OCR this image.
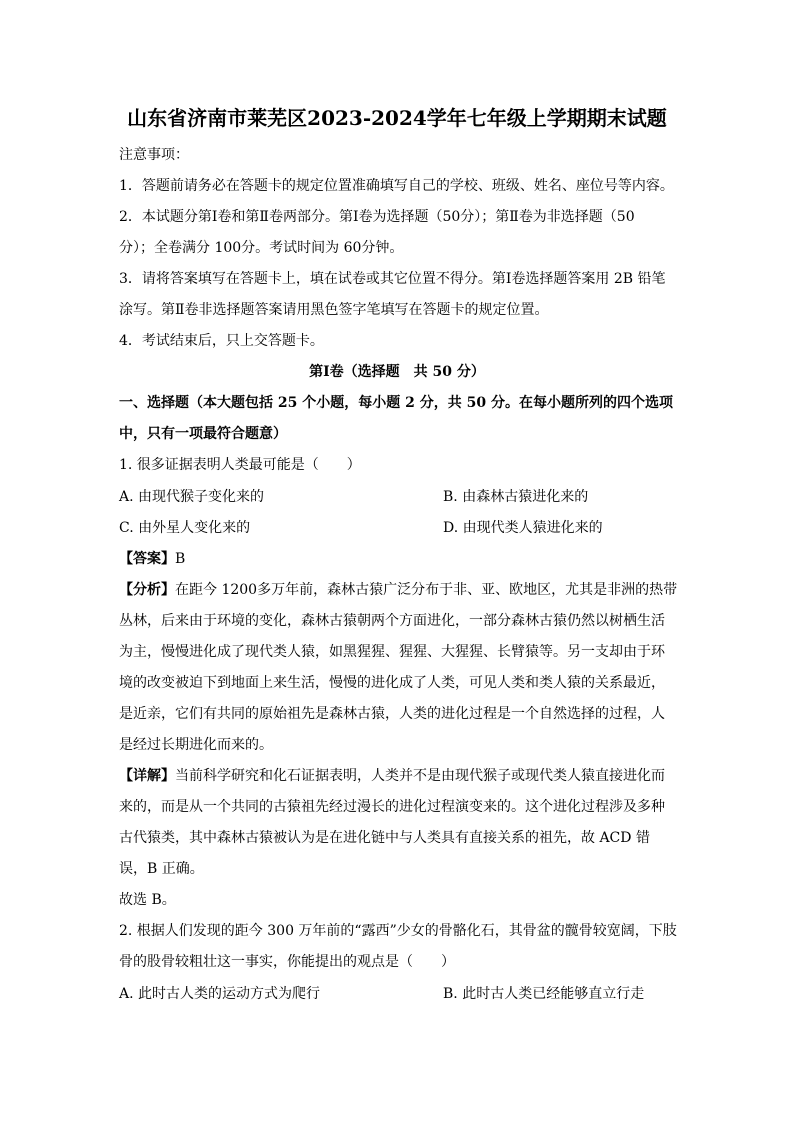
山东省济南市莱芜区2023-2024学年七年级上学期期末试题
注意事项：
1．答题前请务必在答题卡的规定位置准确填写自己的学校、班级、姓名、座位号等内容。
2．本试题分第Ⅰ卷和第Ⅱ卷两部分。第Ⅰ卷为选择题（50分）；第Ⅱ卷为非选择题（50
分）；全卷满分 100分。考试时间为 60分钟。
3．请将答案填写在答题卡上，填在试卷或其它位置不得分。第Ⅰ卷选择题答案用 2B 铅笔
涂写。第Ⅱ卷非选择题答案请用黑色签字笔填写在答题卡的规定位置。
4．考试结束后，只上交答题卡。
第Ⅰ卷（选择题　共 50 分）
一、选择题（本大题包括 25 个小题，每小题 2 分，共 50 分。在每小题所列的四个选项
中，只有一项最符合题意）
1. 很多证据表明人类最可能是（　　）
A. 由现代猴子变化来的	B. 由森林古猿进化来的
C. 由外星人变化来的	D. 由现代类人猿进化来的
【答案】B
【分析】在距今 1200多万年前，森林古猿广泛分布于非、亚、欧地区，尤其是非洲的热带
丛林，后来由于环境的变化，森林古猿朝两个方面进化，一部分森林古猿仍然以树栖生活
为主，慢慢进化成了现代类人猿，如黑猩猩、猩猩、大猩猩、长臂猿等。另一支却由于环
境的改变被迫下到地面上来生活，慢慢的进化成了人类，可见人类和类人猿的关系最近，
是近亲，它们有共同的原始祖先是森林古猿，人类的进化过程是一个自然选择的过程，人
是经过长期进化而来的。
【详解】当前科学研究和化石证据表明，人类并不是由现代猴子或现代类人猿直接进化而
来的，而是从一个共同的古猿祖先经过漫长的进化过程演变来的。这个进化过程涉及多种
古代猿类，其中森林古猿被认为是在进化链中与人类具有直接关系的祖先，故 ACD 错
误，B 正确。
故选 B。
2. 根据人们发现的距今 300 万年前的“露西”少女的骨骼化石，其骨盆的髋骨较宽阔，下肢
骨的股骨较粗壮这一事实，你能提出的观点是（　　）
A. 此时古人类的运动方式为爬行	B. 此时古人类已经能够直立行走
